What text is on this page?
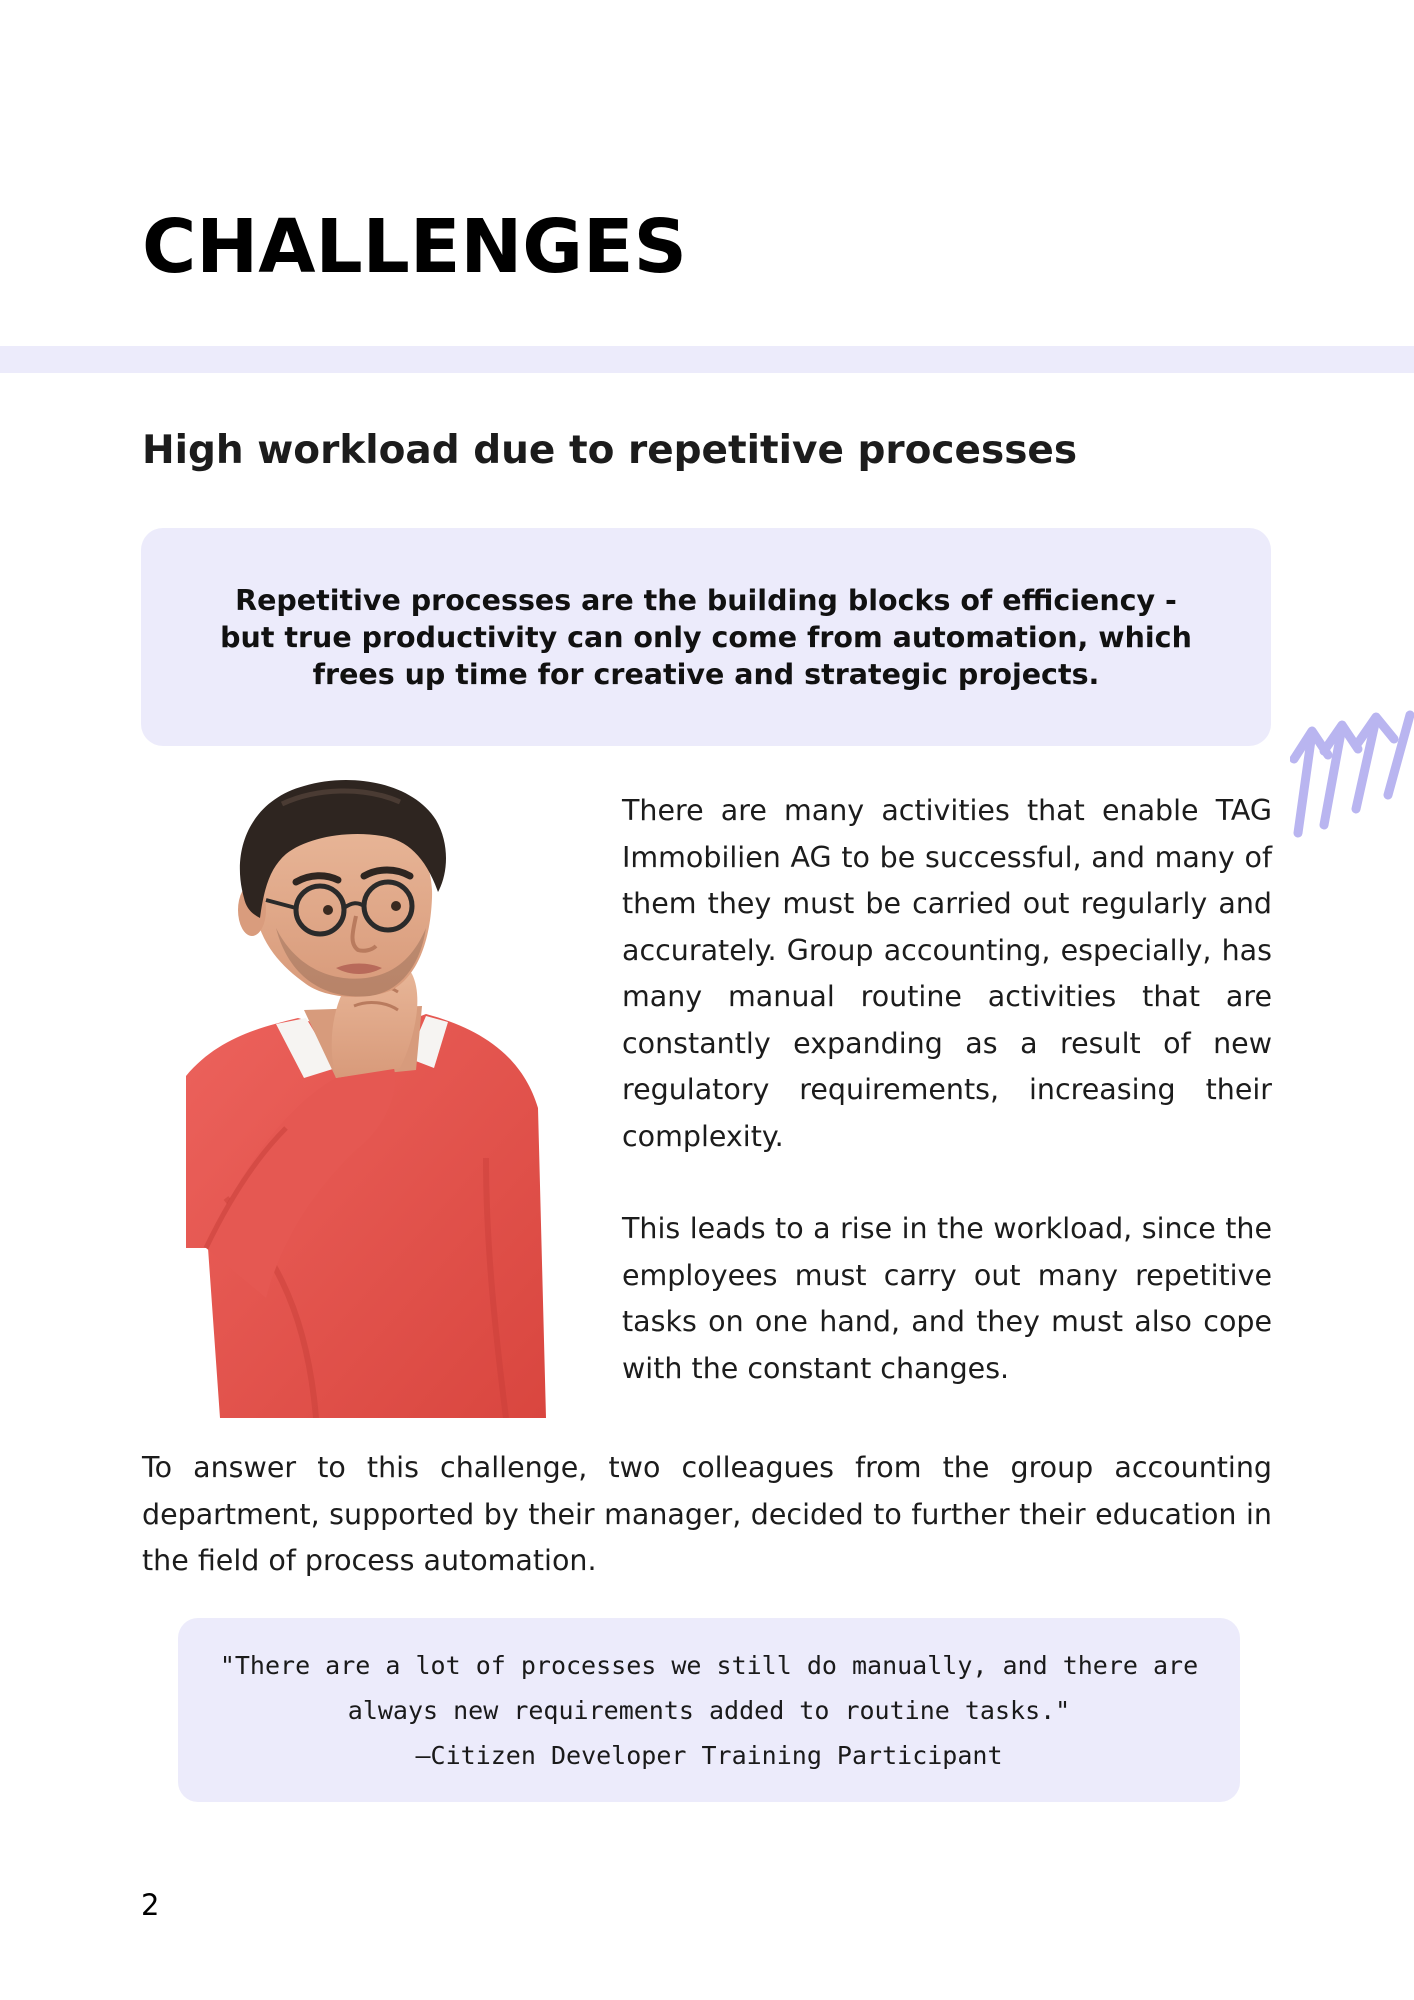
CHALLENGES
High workload due to repetitive processes

Repetitive processes are the building blocks of efficiency - but true productivity can only come from automation, which frees up time for creative and strategic projects.

There are many activities that enable TAG Immobilien AG to be successful, and many of them they must be carried out regularly and accurately. Group accounting, especially, has many manual routine activities that are constantly expanding as a result of new regulatory requirements, increasing their complexity.

This leads to a rise in the workload, since the employees must carry out many repetitive tasks on one hand, and they must also cope with the constant changes.

To answer to this challenge, two colleagues from the group accounting department, supported by their manager, decided to further their education in the field of process automation.

"There are a lot of processes we still do manually, and there are always new requirements added to routine tasks."

—Citizen Developer Training Participant

2
